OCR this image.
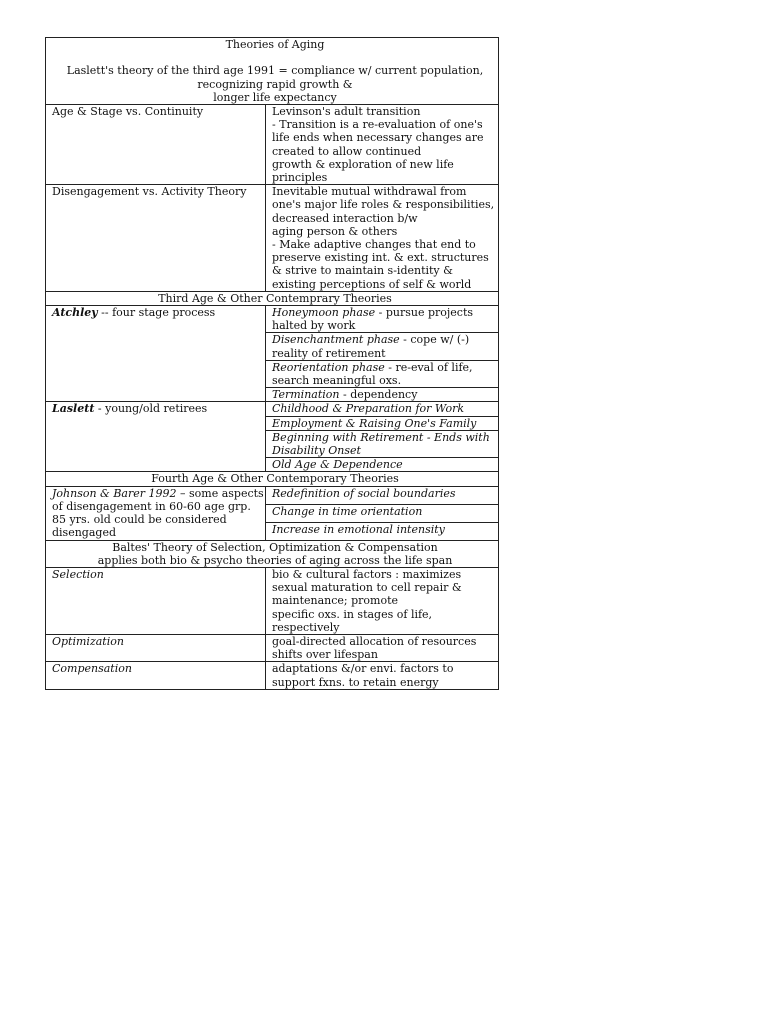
Theories of Aging
Laslett's theory of the third age 1991 = compliance w/ current population,
recognizing rapid growth &
longer life expectancy	

Age & Stage vs. Continuity	Levinson's adult transition
- Transition is a re-evaluation of one's life ends when necessary changes are created to allow continued
growth & exploration of new life principles

Disengagement vs. Activity Theory	Inevitable mutual withdrawal from one's major life roles & responsibilities, decreased interaction b/w
aging person & others
- Make adaptive changes that end to preserve existing int. & ext. structures & strive to maintain s-identity &
existing perceptions of self & world

Third Age & Other Contemprary Theories	
Atchley -- four stage process	Honeymoon phase - pursue projects halted by work
	Disenchantment phase - cope w/ (-) reality of retirement
	Reorientation phase - re-eval of life, search meaningful oxs.
	Termination - dependency
Laslett - young/old retirees	Childhood & Preparation for Work
	Employment & Raising One's Family
	Beginning with Retirement - Ends with Disability Onset
	Old Age & Dependence
Fourth Age & Other Contemporary Theories	
Johnson & Barer 1992 – some aspects of disengagement in 60-60 age grp. 85 yrs. old could be considered disengaged	Redefinition of social boundaries
	Change in time orientation
	Increase in emotional intensity

Baltes' Theory of Selection, Optimization & Compensation
applies both bio & psycho theories of aging across the life span	

Selection	bio & cultural factors : maximizes sexual maturation to cell repair & maintenance; promote
specific oxs. in stages of life, respectively

Optimization	goal-directed allocation of resources shifts over lifespan

Compensation	adaptations &/or envi. factors to support fxns. to retain energy
